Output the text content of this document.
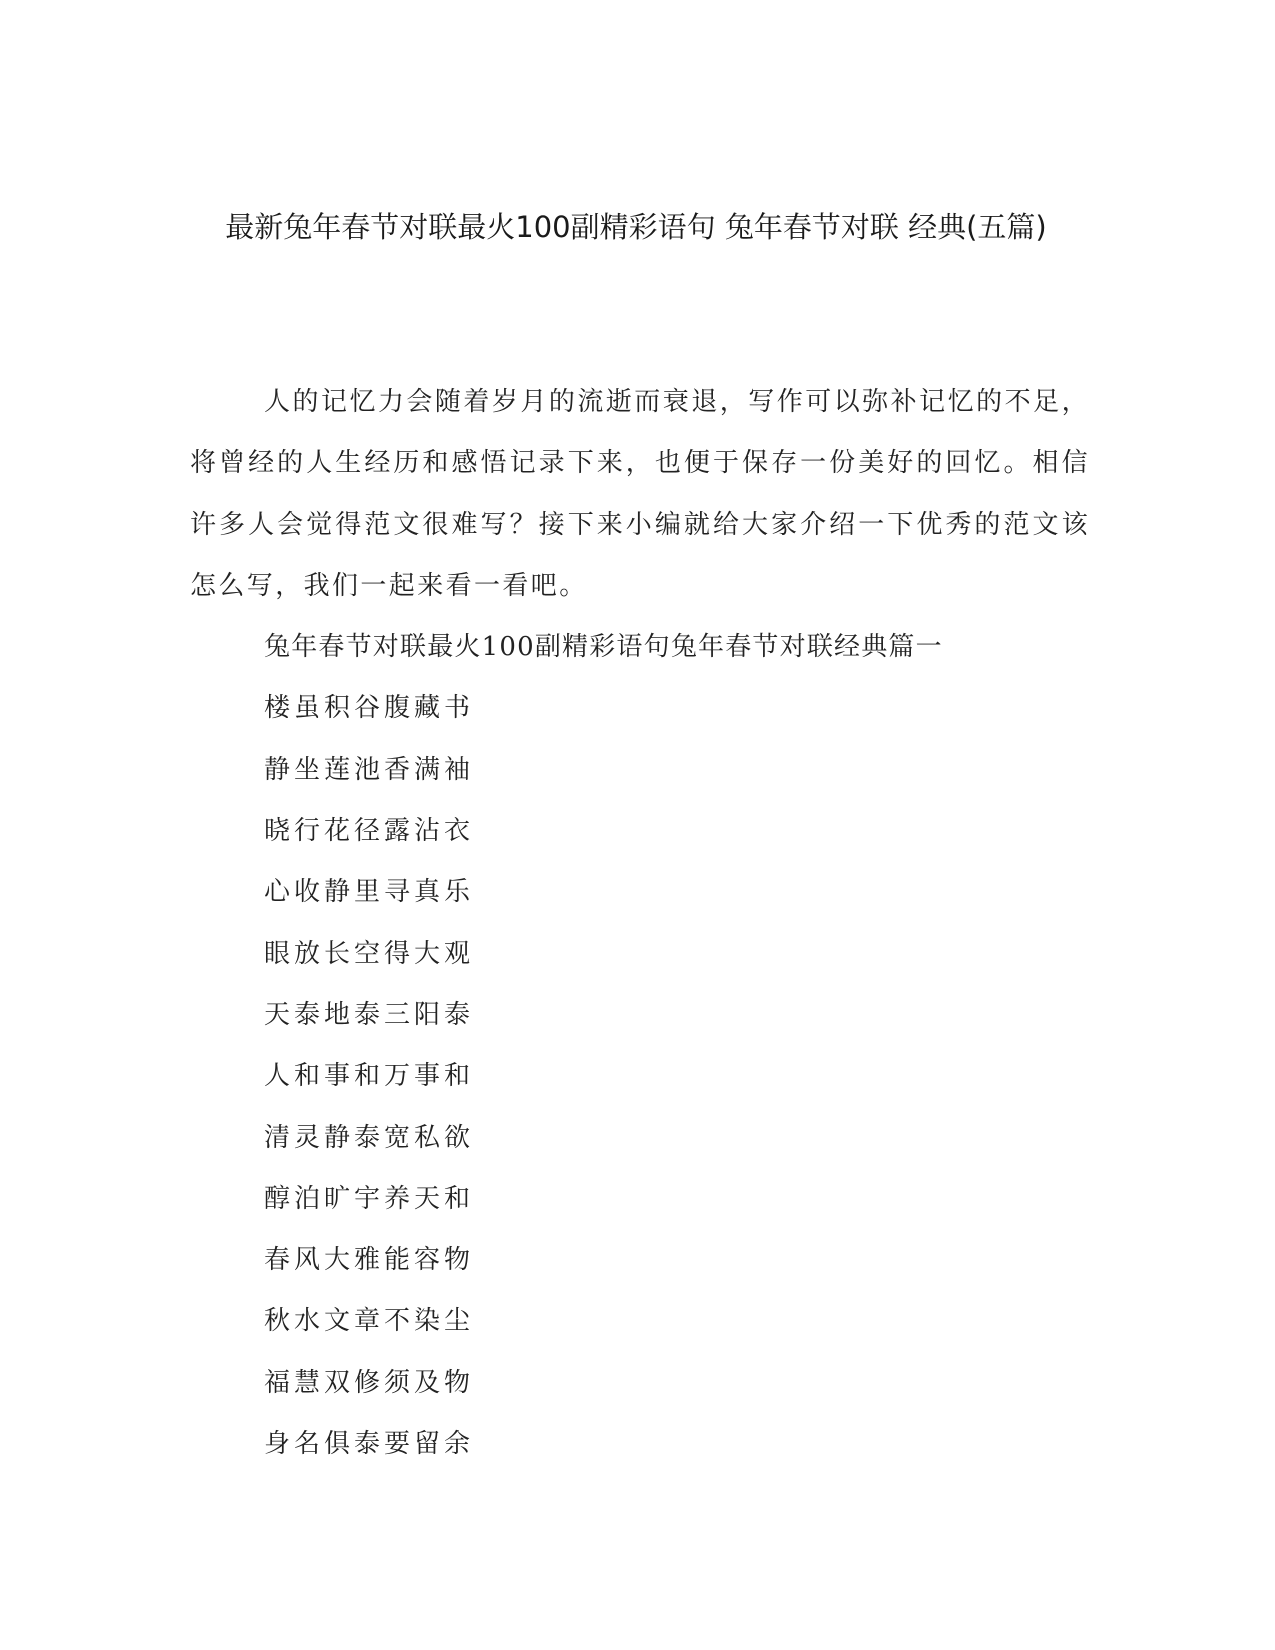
最新兔年春节对联最火100副精彩语句 兔年春节对联 经典(五篇)

人的记忆力会随着岁月的流逝而衰退，写作可以弥补记忆的不足，将曾经的人生经历和感悟记录下来，也便于保存一份美好的回忆。相信许多人会觉得范文很难写？接下来小编就给大家介绍一下优秀的范文该怎么写，我们一起来看一看吧。

兔年春节对联最火100副精彩语句兔年春节对联经典篇一

楼虽积谷腹藏书
静坐莲池香满袖
晓行花径露沾衣
心收静里寻真乐
眼放长空得大观
天泰地泰三阳泰
人和事和万事和
清灵静泰宽私欲
醇泊旷宇养天和
春风大雅能容物
秋水文章不染尘
福慧双修须及物
身名俱泰要留余
